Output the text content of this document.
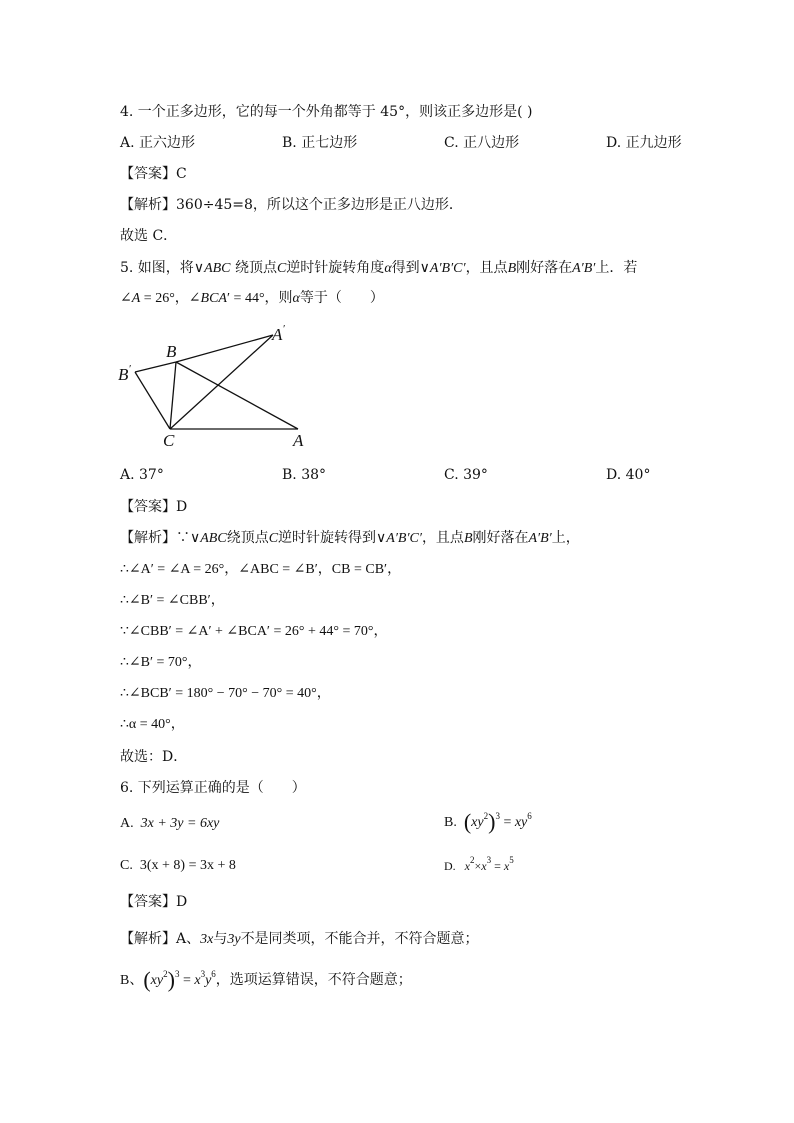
4. 一个正多边形，它的每一个外角都等于 45°，则该正多边形是( )
A. 正六边形	B. 正七边形	C. 正八边形	D. 正九边形
【答案】C
【解析】360÷45=8，所以这个正多边形是正八边形．
故选 C．
5. 如图，将∨ABC 绕顶点C逆时针旋转角度α得到∨A′B′C′，且点B刚好落在A′B′上．若
∠A = 26°，∠BCA′ = 44°，则α等于（　　）
B′
B
A′
C	A
A. 37°	B. 38°	C. 39°	D. 40°
【答案】D
【解析】∵∨ABC绕顶点C逆时针旋转得到∨A′B′C′，且点B刚好落在A′B′上，
∴∠A′ = ∠A = 26°，∠ABC = ∠B′，CB = CB′，
∴∠B′ = ∠CBB′，
∵∠CBB′ = ∠A′ + ∠BCA′ = 26° + 44° = 70°，
∴∠B′ = 70°，
∴∠BCB′ = 180° − 70° − 70° = 40°，
∴α = 40°，
故选：D．
6. 下列运算正确的是（　　）
A.  3x + 3y = 6xy	B.  $(xy^2)^3 = xy^6$
C.  3(x + 8) = 3x + 8	D.   $x^2\times x^3 = x^5$
【答案】D
【解析】A、3x与3y不是同类项，不能合并，不符合题意；
B、$(xy^2)^3 = x^3y^6$，选项运算错误，不符合题意；
